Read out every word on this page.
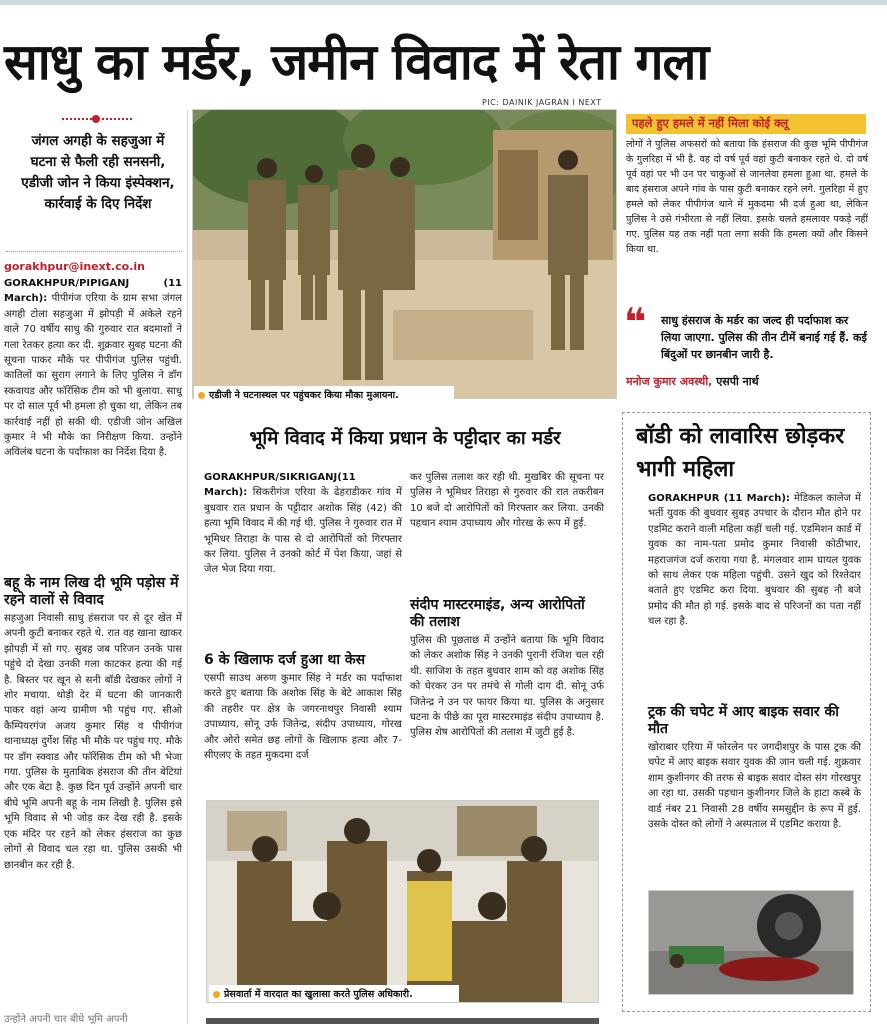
साधु का मर्डर, जमीन विवाद में रेता गला
PIC: DAINIK JAGRAN I NEXT
जंगल अगही के सहजुआ में घटना से फैली रही सनसनी, एडीजी जोन ने किया इंस्पेक्शन, कार्रवाई के दिए निर्देश
gorakhpur@inext.co.in
GORAKHPUR/PIPIGANJ (11 March): पीपीगंज एरिया के ग्राम सभा जंगल अगही टोला सहजुआ में झोपड़ी में अकेले रहने वाले 70 वर्षीय साधु की गुरुवार रात बदमाशों ने गला रेतकर हत्या कर दी. शुक्रवार सुबह घटना की सूचना पाकर मौके पर पीपीगंज पुलिस पहुंची. कातिलों का सुराग लगाने के लिए पुलिस ने डॉग स्कवायड और फॉरेंसिक टीम को भी बुलाया. साधु पर दो साल पूर्व भी हमला हो चुका था, लेकिन तब कार्रवाई नहीं हो सकी थी. एडीजी जोन अखिल कुमार ने भी मौके का निरीक्षण किया. उन्होंने अविलंब घटना के पर्दाफाश का निर्देश दिया है.
बहू के नाम लिख दी भूमि पड़ोस में रहने वालों से विवाद
सहजुआ निवासी साधु हंसराज पर से दूर खेत में अपनी कुटी बनाकर रहते थे. रात वह खाना खाकर झोपड़ी में सो गए. सुबह जब परिजन उनके पास पहुंचे दो देखा उनकी गला काटकर हत्या की गई है. बिस्तर पर खून से सनी बॉडी देखकर लोगों ने शोर मचाया. थोड़ी देर में घटना की जानकारी पाकर वहां अन्य ग्रामीण भी पहुंच गए. सीओ कैम्पियरगंज अजय कुमार सिंह व पीपीगंज थानाध्यक्ष दुर्गेश सिंह भी मौके पर पहुंच गए. मौके पर डॉग स्क्वाड और फॉरेंसिक टीम को भी भेजा गया. पुलिस के मुताबिक हंसराज की तीन बेटियां और एक बेटा है. कुछ दिन पूर्व उन्होंने अपनी चार बीघे भूमि अपनी बहू के नाम लिखी है. पुलिस इसे भूमि विवाद से भी जोड़ कर देख रही है. इसके एक मंदिर पर रहने को लेकर हंसराज का कुछ लोगों से विवाद चल रहा था. पुलिस उसकी भी छानबीन कर रही है.
उन्होंने अपनी चार बीघे भूमि अपनी
एडीजी ने घटनास्थल पर पहुंचकर किया मौका मुआयना.
पहले हुए हमले में नहीं मिला कोई क्लू
लोगों ने पुलिस अफसरों को बताया कि हंसराज की कुछ भूमि पीपीगंज के गुलरिहा में भी है. वह दो वर्ष पूर्व वहां कुटी बनाकर रहते थे. दो वर्ष पूर्व वहां पर भी उन पर चाकुओं से जानलेवा हमला हुआ था. हमले के बाद हंसराज अपने गांव के पास कुटी बनाकर रहने लगे. गुलरिहा में हुए हमले को लेकर पीपीगंज थाने में मुकदमा भी दर्ज हुआ था, लेकिन पुलिस ने उसे गंभीरता से नहीं लिया. इसके चलते हमलावर पकड़े नहीं गए. पुलिस यह तक नहीं पता लगा सकी कि हमला क्यों और किसने किया था.
❝ साधु हंसराज के मर्डर का जल्द ही पर्दाफाश कर लिया जाएगा. पुलिस की तीन टीमें बनाई गई हैं. कई बिंदुओं पर छानबीन जारी है.
मनोज कुमार अवस्थी, एसपी नार्थ
भूमि विवाद में किया प्रधान के पट्टीदार का मर्डर
GORAKHPUR/SIKRIGANJ(11 March): सिकरीगंज एरिया के ढेहराडीकर गांव में बुधवार रात प्रधान के पट्टीदार अशोक सिंह (42) की हत्या भूमि विवाद में की गई थी. पुलिस ने गुरुवार रात में भूमिधर तिराहा के पास से दो आरोपितों को गिरफ्तार कर लिया. पुलिस ने उनको कोर्ट में पेश किया, जहां से जेल भेज दिया गया.
6 के खिलाफ दर्ज हुआ था केस
एसपी साउथ अरुण कुमार सिंह ने मर्डर का पर्दाफाश करते हुए बताया कि अशोक सिंह के बेटे आकाश सिंह की तहरीर पर क्षेत्र के जगरनाथपुर निवासी श्याम उपाध्याय, सोनू उर्फ जितेन्द्र, संदीप उपाध्याय, गोरख और ओरो समेत छह लोगों के खिलाफ हत्या और 7-सीएलए के तहत मुकदमा दर्ज
कर पुलिस तलाश कर रही थी. मुखबिर की सूचना पर पुलिस ने भूमिधर तिराहा से गुरुवार की रात तकरीबन 10 बजे दो आरोपितों को गिरफ्तार कर लिया. उनकी पहचान श्याम उपाध्याय और गोरख के रूप में हुई.
संदीप मास्टरमाइंड, अन्य आरोपितों की तलाश
पुलिस की पूछताछ में उन्होंने बताया कि भूमि विवाद को लेकर अशोक सिंह ने उनकी पुरानी रंजिश चल रही थी. साजिश के तहत बुधवार शाम को वह अशोक सिंह को घेरकर उन पर तमंचे से गोली दाग दी. सोनू उर्फ जितेन्द्र ने उन पर फायर किया था. पुलिस के अनुसार घटना के पीछे का पूरा मास्टरमाइंड संदीप उपाध्याय है. पुलिस शेष आरोपितों की तलाश में जुटी हुई है.
प्रेसवार्ता में वारदात का खुलासा करते पुलिस अधिकारी.
बॉडी को लावारिस छोड़कर भागी महिला
GORAKHPUR (11 March): मेडिकल कालेज में भर्ती युवक की बुधवार सुबह उपचार के दौरान मौत होने पर एडमिट कराने वाली महिला कहीं चली गई. एडमिशन कार्ड में युवक का नाम-पता प्रमोद कुमार निवासी कोठीभार, महराजगंज दर्ज कराया गया है. मंगलवार शाम घायल युवक को साथ लेकर एक महिला पहुंची. उसने खुद को रिश्तेदार बताते हुए एडमिट करा दिया. बुधवार की सुबह नौ बजे प्रमोद की मौत हो गई. इसके बाद से परिजनों का पता नहीं चल रहा है.
ट्रक की चपेट में आए बाइक सवार की मौत
खोराबार एरिया में फोरलेन पर जगदीशपुर के पास ट्रक की चपेट में आए बाइक सवार युवक की जान चली गई. शुक्रवार शाम कुशीनगर की तरफ से बाइक सवार दोस्त संग गोरखपुर आ रहा था. उसकी पहचान कुशीनगर जिले के हाटा कस्बे के वार्ड नंबर 21 निवासी 28 वर्षीय समसुद्दीन के रूप में हुई. उसके दोस्त को लोगों ने अस्पताल में एडमिट कराया है.
